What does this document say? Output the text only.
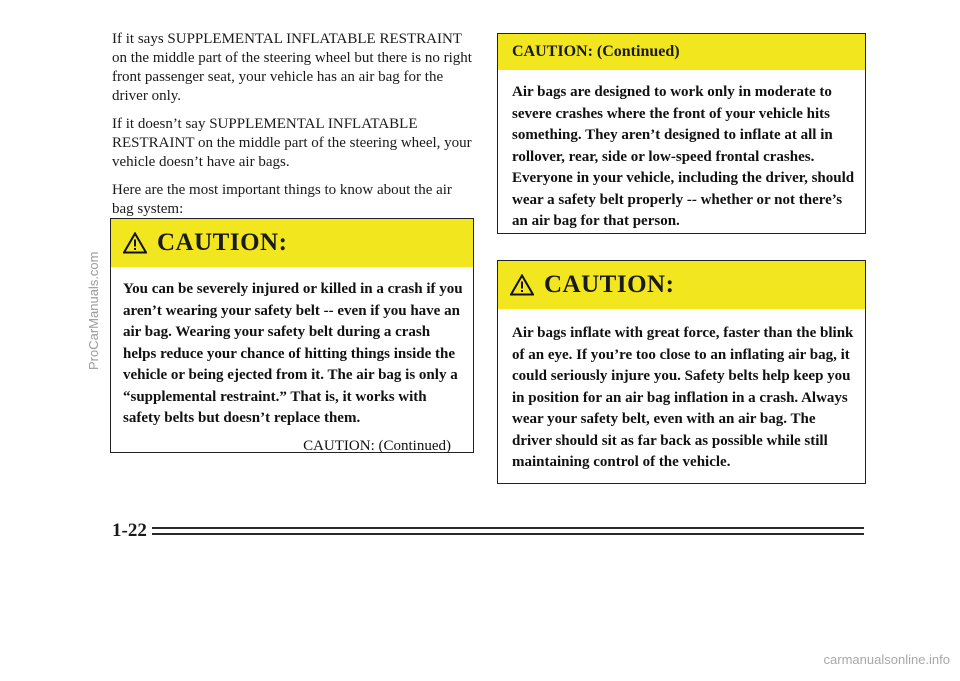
If it says SUPPLEMENTAL INFLATABLE RESTRAINT on the middle part of the steering wheel but there is no right front passenger seat, your vehicle has an air bag for the driver only.

If it doesn’t say SUPPLEMENTAL INFLATABLE RESTRAINT on the middle part of the steering wheel, your vehicle doesn’t have air bags.

Here are the most important things to know about the air bag system:

CAUTION:
You can be severely injured or killed in a crash if you aren’t wearing your safety belt -- even if you have an air bag. Wearing your safety belt during a crash helps reduce your chance of hitting things inside the vehicle or being ejected from it. The air bag is only a “supplemental restraint.” That is, it works with safety belts but doesn’t replace them.
CAUTION: (Continued)
CAUTION: (Continued)
Air bags are designed to work only in moderate to severe crashes where the front of your vehicle hits something. They aren’t designed to inflate at all in rollover, rear, side or low-speed frontal crashes. Everyone in your vehicle, including the driver, should wear a safety belt properly -- whether or not there’s an air bag for that person.
CAUTION:
Air bags inflate with great force, faster than the blink of an eye. If you’re too close to an inflating air bag, it could seriously injure you. Safety belts help keep you in position for an air bag inflation in a crash. Always wear your safety belt, even with an air bag. The driver should sit as far back as possible while still maintaining control of the vehicle.
1-22
ProCarManuals.com
carmanualsonline.info
